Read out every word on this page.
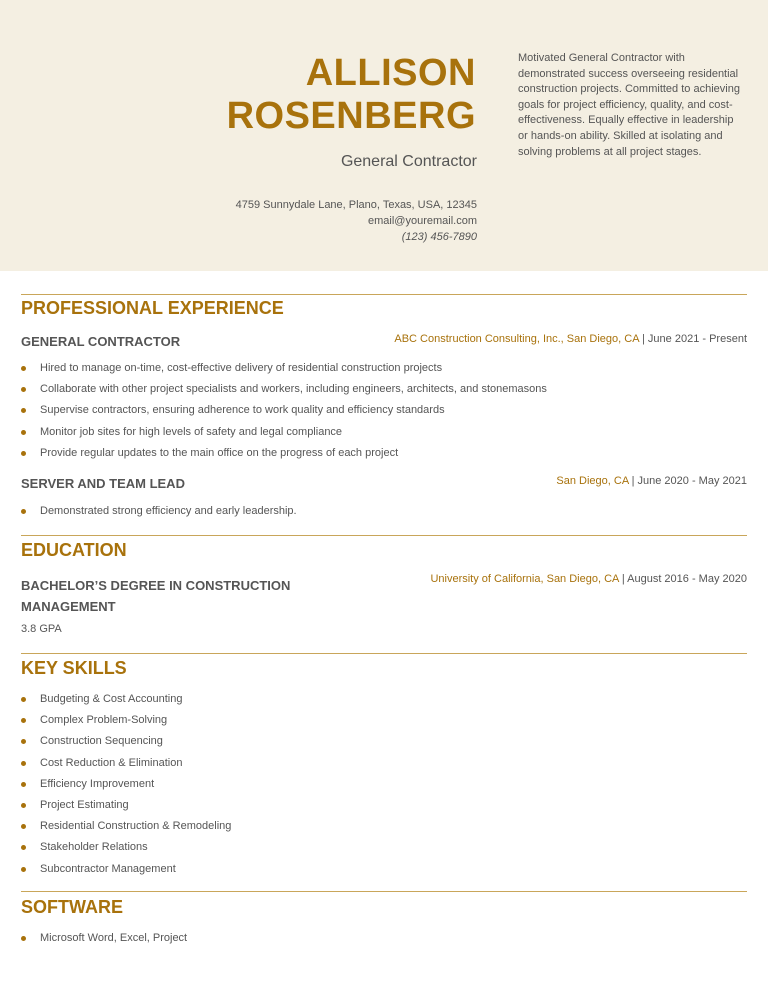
ALLISON
ROSENBERG
General Contractor
4759 Sunnydale Lane, Plano, Texas, USA, 12345
email@youremail.com
(123) 456-7890
Motivated General Contractor with demonstrated success overseeing residential construction projects. Committed to achieving goals for project efficiency, quality, and cost-effectiveness. Equally effective in leadership or hands-on ability. Skilled at isolating and solving problems at all project stages.
PROFESSIONAL EXPERIENCE
GENERAL CONTRACTOR	ABC Construction Consulting, Inc., San Diego, CA | June 2021 - Present
Hired to manage on-time, cost-effective delivery of residential construction projects
Collaborate with other project specialists and workers, including engineers, architects, and stonemasons
Supervise contractors, ensuring adherence to work quality and efficiency standards
Monitor job sites for high levels of safety and legal compliance
Provide regular updates to the main office on the progress of each project
SERVER AND TEAM LEAD	San Diego, CA | June 2020 - May 2021
Demonstrated strong efficiency and early leadership.
EDUCATION
BACHELOR’S DEGREE IN CONSTRUCTION
MANAGEMENT
University of California, San Diego, CA | August 2016 - May 2020
3.8 GPA
KEY SKILLS
Budgeting & Cost Accounting
Complex Problem-Solving
Construction Sequencing
Cost Reduction & Elimination
Efficiency Improvement
Project Estimating
Residential Construction & Remodeling
Stakeholder Relations
Subcontractor Management
SOFTWARE
Microsoft Word, Excel, Project
